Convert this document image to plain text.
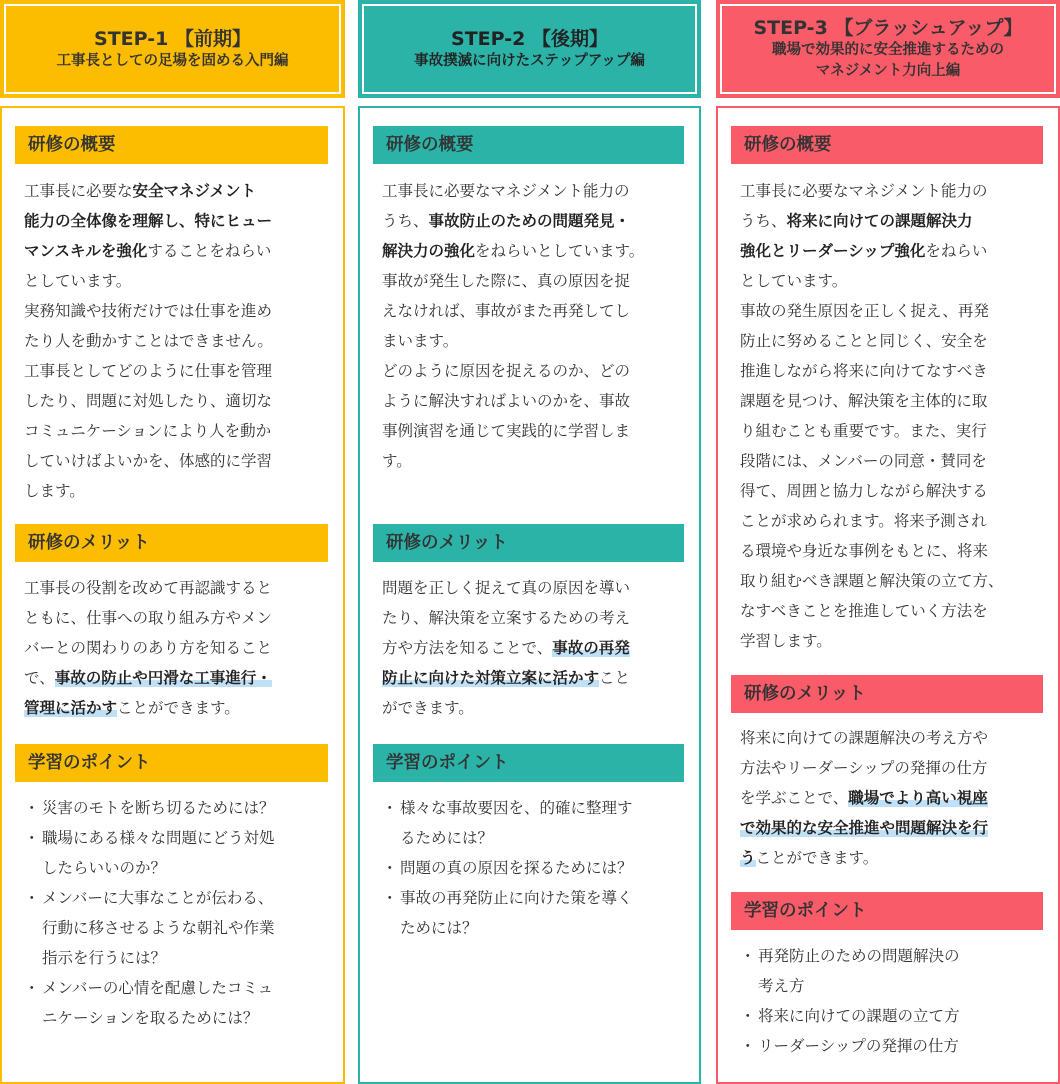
STEP-1 【前期】
工事長としての足場を固める入門編
研修の概要

工事長に必要な安全マネジメント
能力の全体像を理解し、特にヒュー
マンスキルを強化することをねらい
としています。
実務知識や技術だけでは仕事を進め
たり人を動かすことはできません。
工事長としてどのように仕事を管理
したり、問題に対処したり、適切な
コミュニケーションにより人を動か
していけばよいかを、体感的に学習
します。

研修のメリット

工事長の役割を改めて再認識すると
ともに、仕事への取り組み方やメン
バーとの関わりのあり方を知ること
で、事故の防止や円滑な工事進行・
管理に活かすことができます。

学習のポイント
・ 災害のモトを断ち切るためには？
・ 職場にある様々な問題にどう対処
したらいいのか？
・ メンバーに大事なことが伝わる、
行動に移させるような朝礼や作業
指示を行うには？
・ メンバーの心情を配慮したコミュ
ニケーションを取るためには？
STEP-2 【後期】
事故撲滅に向けたステップアップ編
研修の概要

工事長に必要なマネジメント能力の
うち、事故防止のための問題発見・
解決力の強化をねらいとしています。
事故が発生した際に、真の原因を捉
えなければ、事故がまた再発してし
まいます。
どのように原因を捉えるのか、どの
ように解決すればよいのかを、事故
事例演習を通じて実践的に学習しま
す。

研修のメリット

問題を正しく捉えて真の原因を導い
たり、解決策を立案するための考え
方や方法を知ることで、事故の再発
防止に向けた対策立案に活かすこと
ができます。

学習のポイント
・ 様々な事故要因を、的確に整理す
るためには？
・ 問題の真の原因を探るためには？
・ 事故の再発防止に向けた策を導く
ためには？
STEP-3 【ブラッシュアップ】
職場で効果的に安全推進するための
マネジメント力向上編
研修の概要

工事長に必要なマネジメント能力の
うち、将来に向けての課題解決力
強化とリーダーシップ強化をねらい
としています。
事故の発生原因を正しく捉え、再発
防止に努めることと同じく、安全を
推進しながら将来に向けてなすべき
課題を見つけ、解決策を主体的に取
り組むことも重要です。また、実行
段階には、メンバーの同意・賛同を
得て、周囲と協力しながら解決する
ことが求められます。将来予測され
る環境や身近な事例をもとに、将来
取り組むべき課題と解決策の立て方、
なすべきことを推進していく方法を
学習します。

研修のメリット

将来に向けての課題解決の考え方や
方法やリーダーシップの発揮の仕方
を学ぶことで、職場でより高い視座
で効果的な安全推進や問題解決を行
うことができます。

学習のポイント
・ 再発防止のための問題解決の
考え方
・ 将来に向けての課題の立て方
・ リーダーシップの発揮の仕方
